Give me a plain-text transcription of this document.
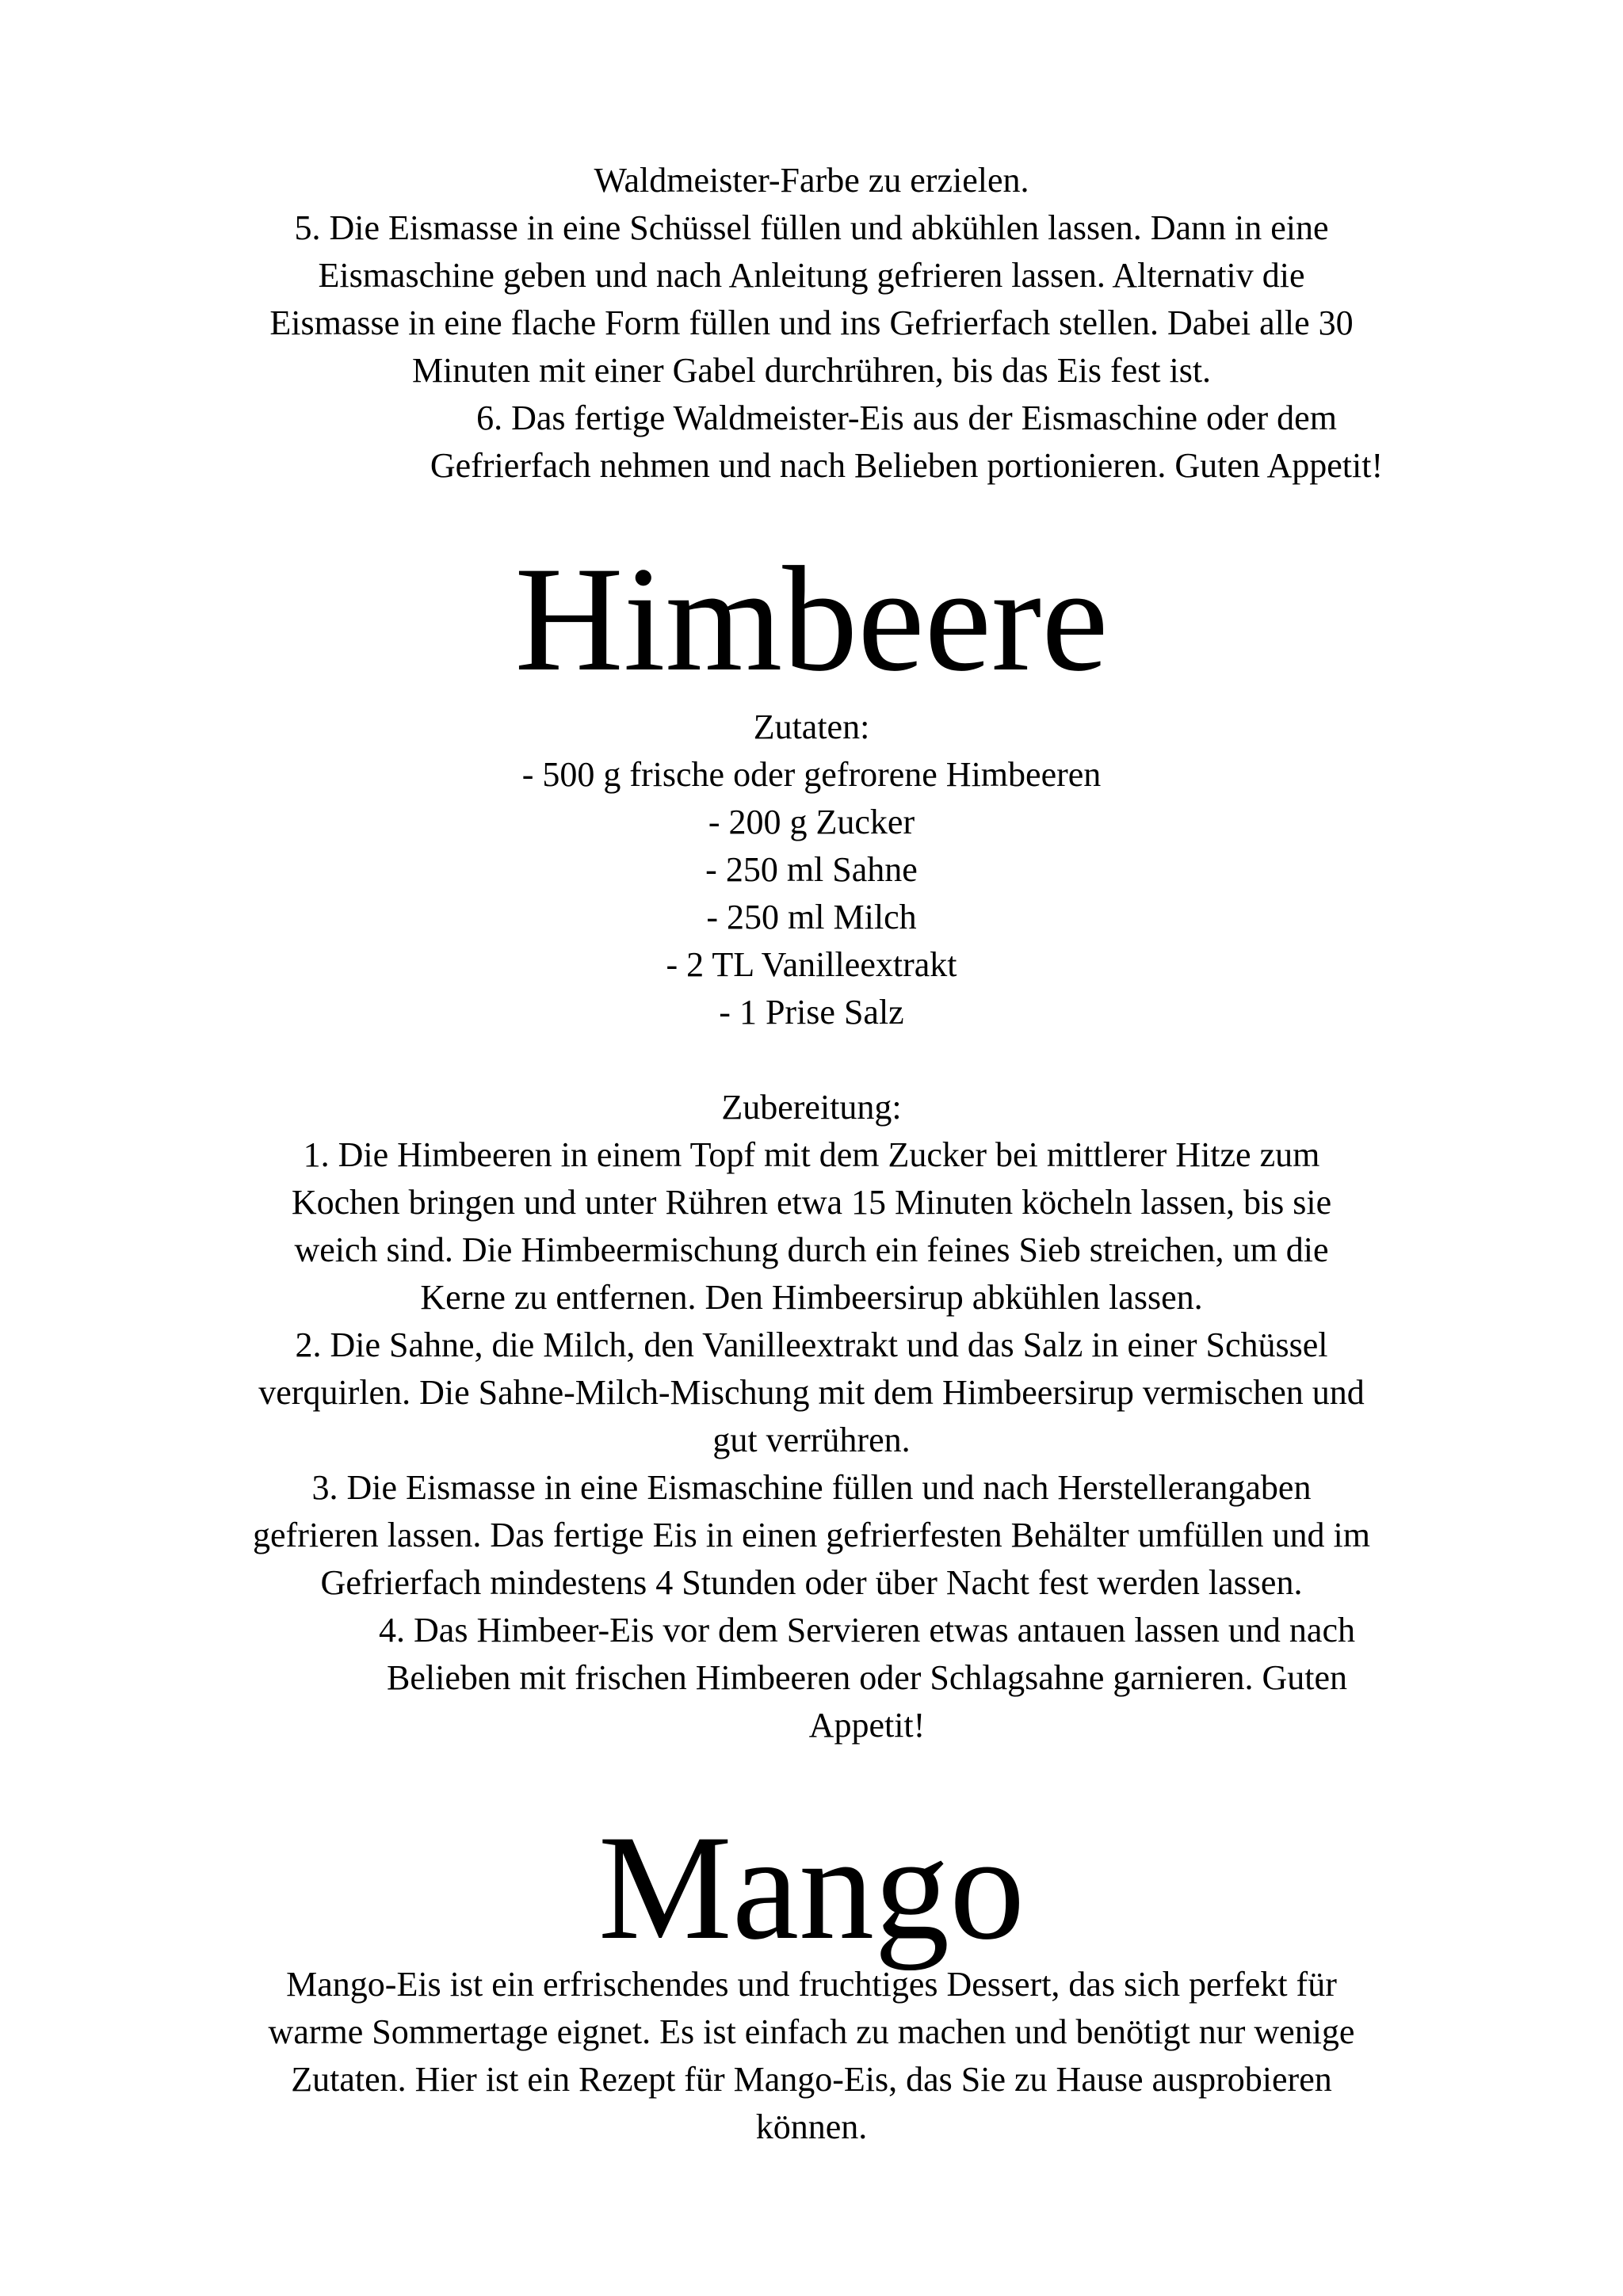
Waldmeister-Farbe zu erzielen.
5. Die Eismasse in eine Schüssel füllen und abkühlen lassen. Dann in eine
Eismaschine geben und nach Anleitung gefrieren lassen. Alternativ die
Eismasse in eine flache Form füllen und ins Gefrierfach stellen. Dabei alle 30
Minuten mit einer Gabel durchrühren, bis das Eis fest ist.
6. Das fertige Waldmeister-Eis aus der Eismaschine oder dem
Gefrierfach nehmen und nach Belieben portionieren. Guten Appetit!
Himbeere
Zutaten:
- 500 g frische oder gefrorene Himbeeren
- 200 g Zucker
- 250 ml Sahne
- 250 ml Milch
- 2 TL Vanilleextrakt
- 1 Prise Salz
Zubereitung:
1. Die Himbeeren in einem Topf mit dem Zucker bei mittlerer Hitze zum
Kochen bringen und unter Rühren etwa 15 Minuten köcheln lassen, bis sie
weich sind. Die Himbeermischung durch ein feines Sieb streichen, um die
Kerne zu entfernen. Den Himbeersirup abkühlen lassen.
2. Die Sahne, die Milch, den Vanilleextrakt und das Salz in einer Schüssel
verquirlen. Die Sahne-Milch-Mischung mit dem Himbeersirup vermischen und
gut verrühren.
3. Die Eismasse in eine Eismaschine füllen und nach Herstellerangaben
gefrieren lassen. Das fertige Eis in einen gefrierfesten Behälter umfüllen und im
Gefrierfach mindestens 4 Stunden oder über Nacht fest werden lassen.
4. Das Himbeer-Eis vor dem Servieren etwas antauen lassen und nach
Belieben mit frischen Himbeeren oder Schlagsahne garnieren. Guten
Appetit!
Mango
Mango-Eis ist ein erfrischendes und fruchtiges Dessert, das sich perfekt für
warme Sommertage eignet. Es ist einfach zu machen und benötigt nur wenige
Zutaten. Hier ist ein Rezept für Mango-Eis, das Sie zu Hause ausprobieren
können.
